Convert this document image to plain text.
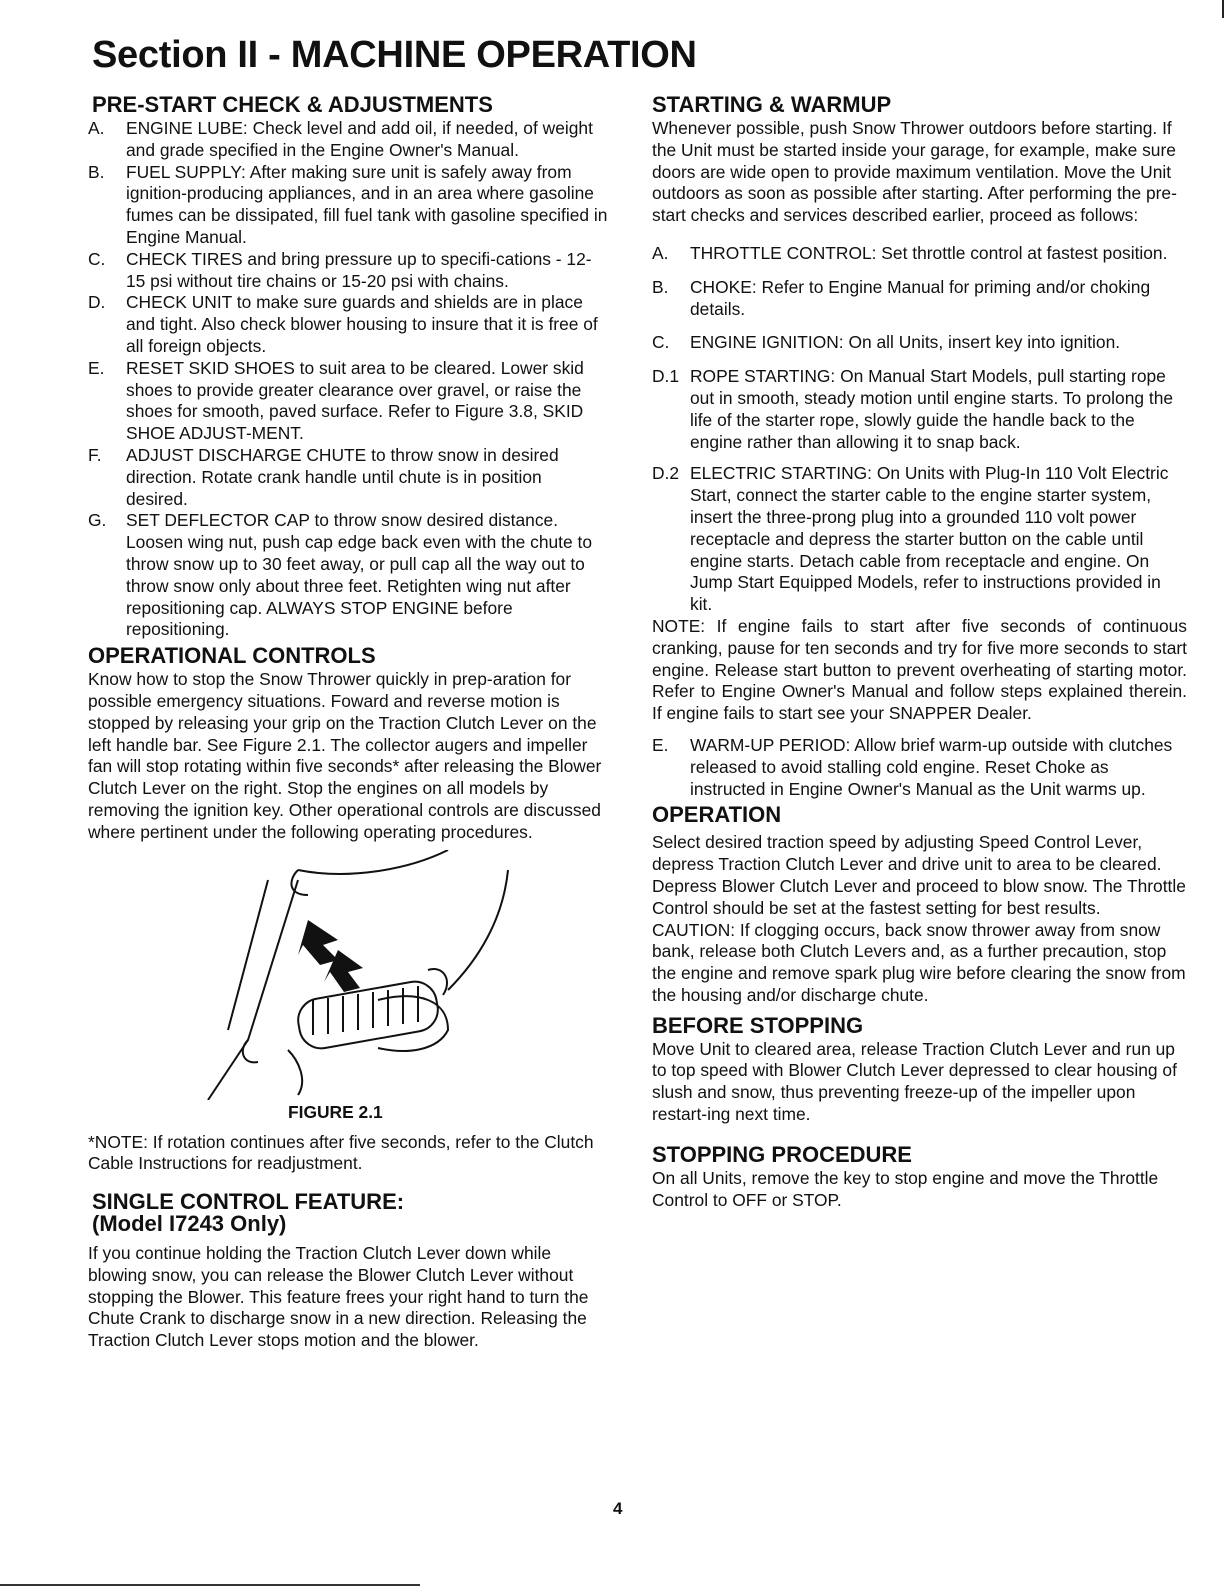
Section II - MACHINE OPERATION
PRE-START CHECK & ADJUSTMENTS
A.	ENGINE LUBE: Check level and add oil, if needed, of weight and grade specified in the Engine Owner's Manual.
B.	FUEL SUPPLY: After making sure unit is safely away from ignition-producing appliances, and in an area where gasoline fumes can be dissipated, fill fuel tank with gasoline specified in Engine Manual.
C.	CHECK TIRES and bring pressure up to specifi-cations - 12-15 psi without tire chains or 15-20 psi with chains.
D.	CHECK UNIT to make sure guards and shields are in place and tight. Also check blower housing to insure that it is free of all foreign objects.
E.	RESET SKID SHOES to suit area to be cleared. Lower skid shoes to provide greater clearance over gravel, or raise the shoes for smooth, paved surface. Refer to Figure 3.8, SKID SHOE ADJUST-MENT.
F.	ADJUST DISCHARGE CHUTE to throw snow in desired direction. Rotate crank handle until chute is in position desired.
G.	SET DEFLECTOR CAP to throw snow desired distance. Loosen wing nut, push cap edge back even with the chute to throw snow up to 30 feet away, or pull cap all the way out to throw snow only about three feet. Retighten wing nut after repositioning cap. ALWAYS STOP ENGINE before repositioning.
OPERATIONAL CONTROLS

Know how to stop the Snow Thrower quickly in prep-aration for possible emergency situations. Foward and reverse motion is stopped by releasing your grip on the Traction Clutch Lever on the left handle bar. See Figure 2.1. The collector augers and impeller fan will stop rotating within five seconds* after releasing the Blower Clutch Lever on the right. Stop the engines on all models by removing the ignition key. Other operational controls are discussed where pertinent under the following operating procedures.

FIGURE 2.1

*NOTE: If rotation continues after five seconds, refer to the Clutch Cable Instructions for readjustment.

SINGLE CONTROL FEATURE:
(Model I7243 Only)

If you continue holding the Traction Clutch Lever down while blowing snow, you can release the Blower Clutch Lever without stopping the Blower. This feature frees your right hand to turn the Chute Crank to discharge snow in a new direction. Releasing the Traction Clutch Lever stops motion and the blower.

STARTING & WARMUP

Whenever possible, push Snow Thrower outdoors before starting. If the Unit must be started inside your garage, for example, make sure doors are wide open to provide maximum ventilation. Move the Unit outdoors as soon as possible after starting. After performing the pre-start checks and services described earlier, proceed as follows:

A.	THROTTLE CONTROL: Set throttle control at fastest position.
B.	CHOKE: Refer to Engine Manual for priming and/or choking details.
C.	ENGINE IGNITION: On all Units, insert key into ignition.
D.1 ROPE STARTING: On Manual Start Models, pull starting rope out in smooth, steady motion until engine starts. To prolong the life of the starter rope, slowly guide the handle back to the engine rather than allowing it to snap back.
D.2 ELECTRIC STARTING: On Units with Plug-In 110 Volt Electric Start, connect the starter cable to the engine starter system, insert the three-prong plug into a grounded 110 volt power receptacle and depress the starter button on the cable until engine starts. Detach cable from receptacle and engine. On Jump Start Equipped Models, refer to instructions provided in kit.

NOTE: If engine fails to start after five seconds of continuous cranking, pause for ten seconds and try for five more seconds to start engine. Release start button to prevent overheating of starting motor. Refer to Engine Owner's Manual and follow steps explained therein. If engine fails to start see your SNAPPER Dealer.

E.	WARM-UP PERIOD: Allow brief warm-up outside with clutches released to avoid stalling cold engine. Reset Choke as instructed in Engine Owner's Manual as the Unit warms up.
OPERATION

Select desired traction speed by adjusting Speed Control Lever, depress Traction Clutch Lever and drive unit to area to be cleared. Depress Blower Clutch Lever and proceed to blow snow. The Throttle Control should be set at the fastest setting for best results.

CAUTION: If clogging occurs, back snow thrower away from snow bank, release both Clutch Levers and, as a further precaution, stop the engine and remove spark plug wire before clearing the snow from the housing and/or discharge chute.

BEFORE STOPPING

Move Unit to cleared area, release Traction Clutch Lever and run up to top speed with Blower Clutch Lever depressed to clear housing of slush and snow, thus preventing freeze-up of the impeller upon restart-ing next time.

STOPPING PROCEDURE

On all Units, remove the key to stop engine and move the Throttle Control to OFF or STOP.

4
